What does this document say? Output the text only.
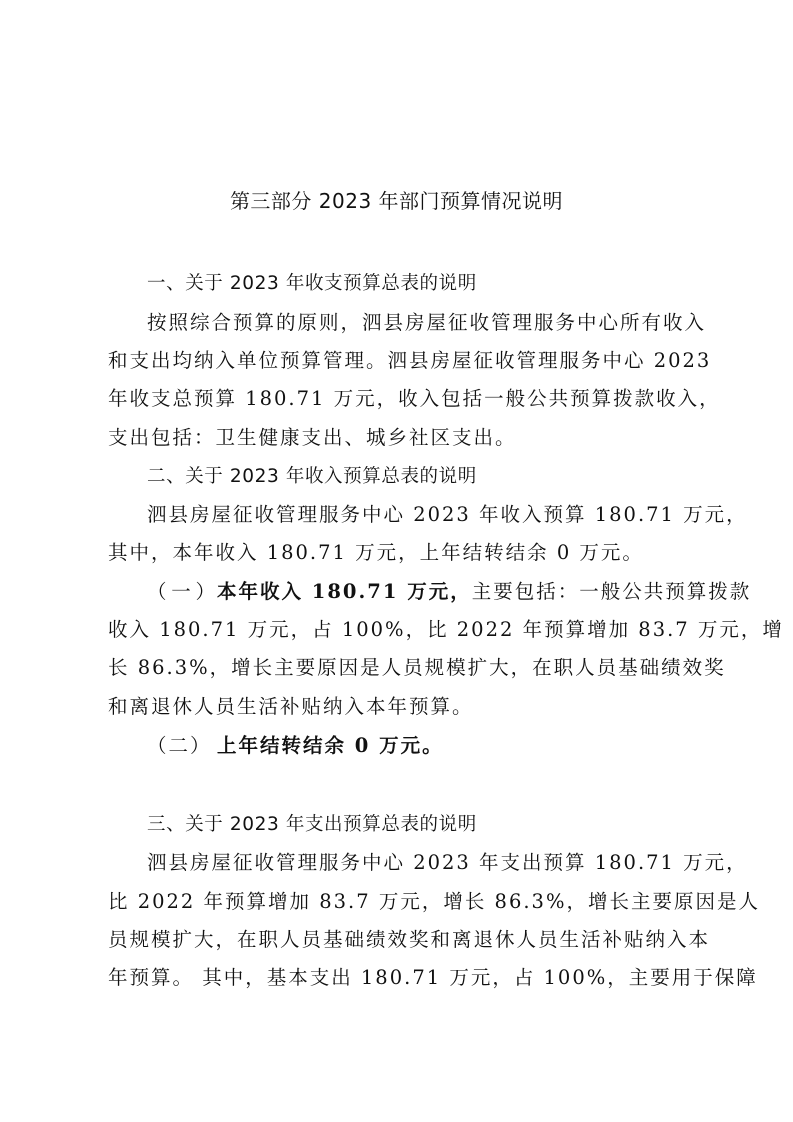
第三部分 2023 年部门预算情况说明
一、关于 2023 年收支预算总表的说明
按照综合预算的原则，泗县房屋征收管理服务中心所有收入
和支出均纳入单位预算管理。泗县房屋征收管理服务中心 2023
年收支总预算 180.71 万元，收入包括一般公共预算拨款收入，
支出包括：卫生健康支出、城乡社区支出。
二、关于 2023 年收入预算总表的说明
泗县房屋征收管理服务中心 2023 年收入预算 180.71 万元，
其中，本年收入 180.71 万元，上年结转结余 0 万元。
（一）本年收入 180.71 万元，主要包括：一般公共预算拨款
收入 180.71 万元，占 100%，比 2022 年预算增加 83.7 万元，增
长 86.3%，增长主要原因是人员规模扩大，在职人员基础绩效奖
和离退休人员生活补贴纳入本年预算。
（二） 上年结转结余 0 万元。
三、关于 2023 年支出预算总表的说明
泗县房屋征收管理服务中心 2023 年支出预算 180.71 万元，
比 2022 年预算增加 83.7 万元，增长 86.3%，增长主要原因是人
员规模扩大，在职人员基础绩效奖和离退休人员生活补贴纳入本
年预算。 其中，基本支出 180.71 万元，占 100%，主要用于保障
